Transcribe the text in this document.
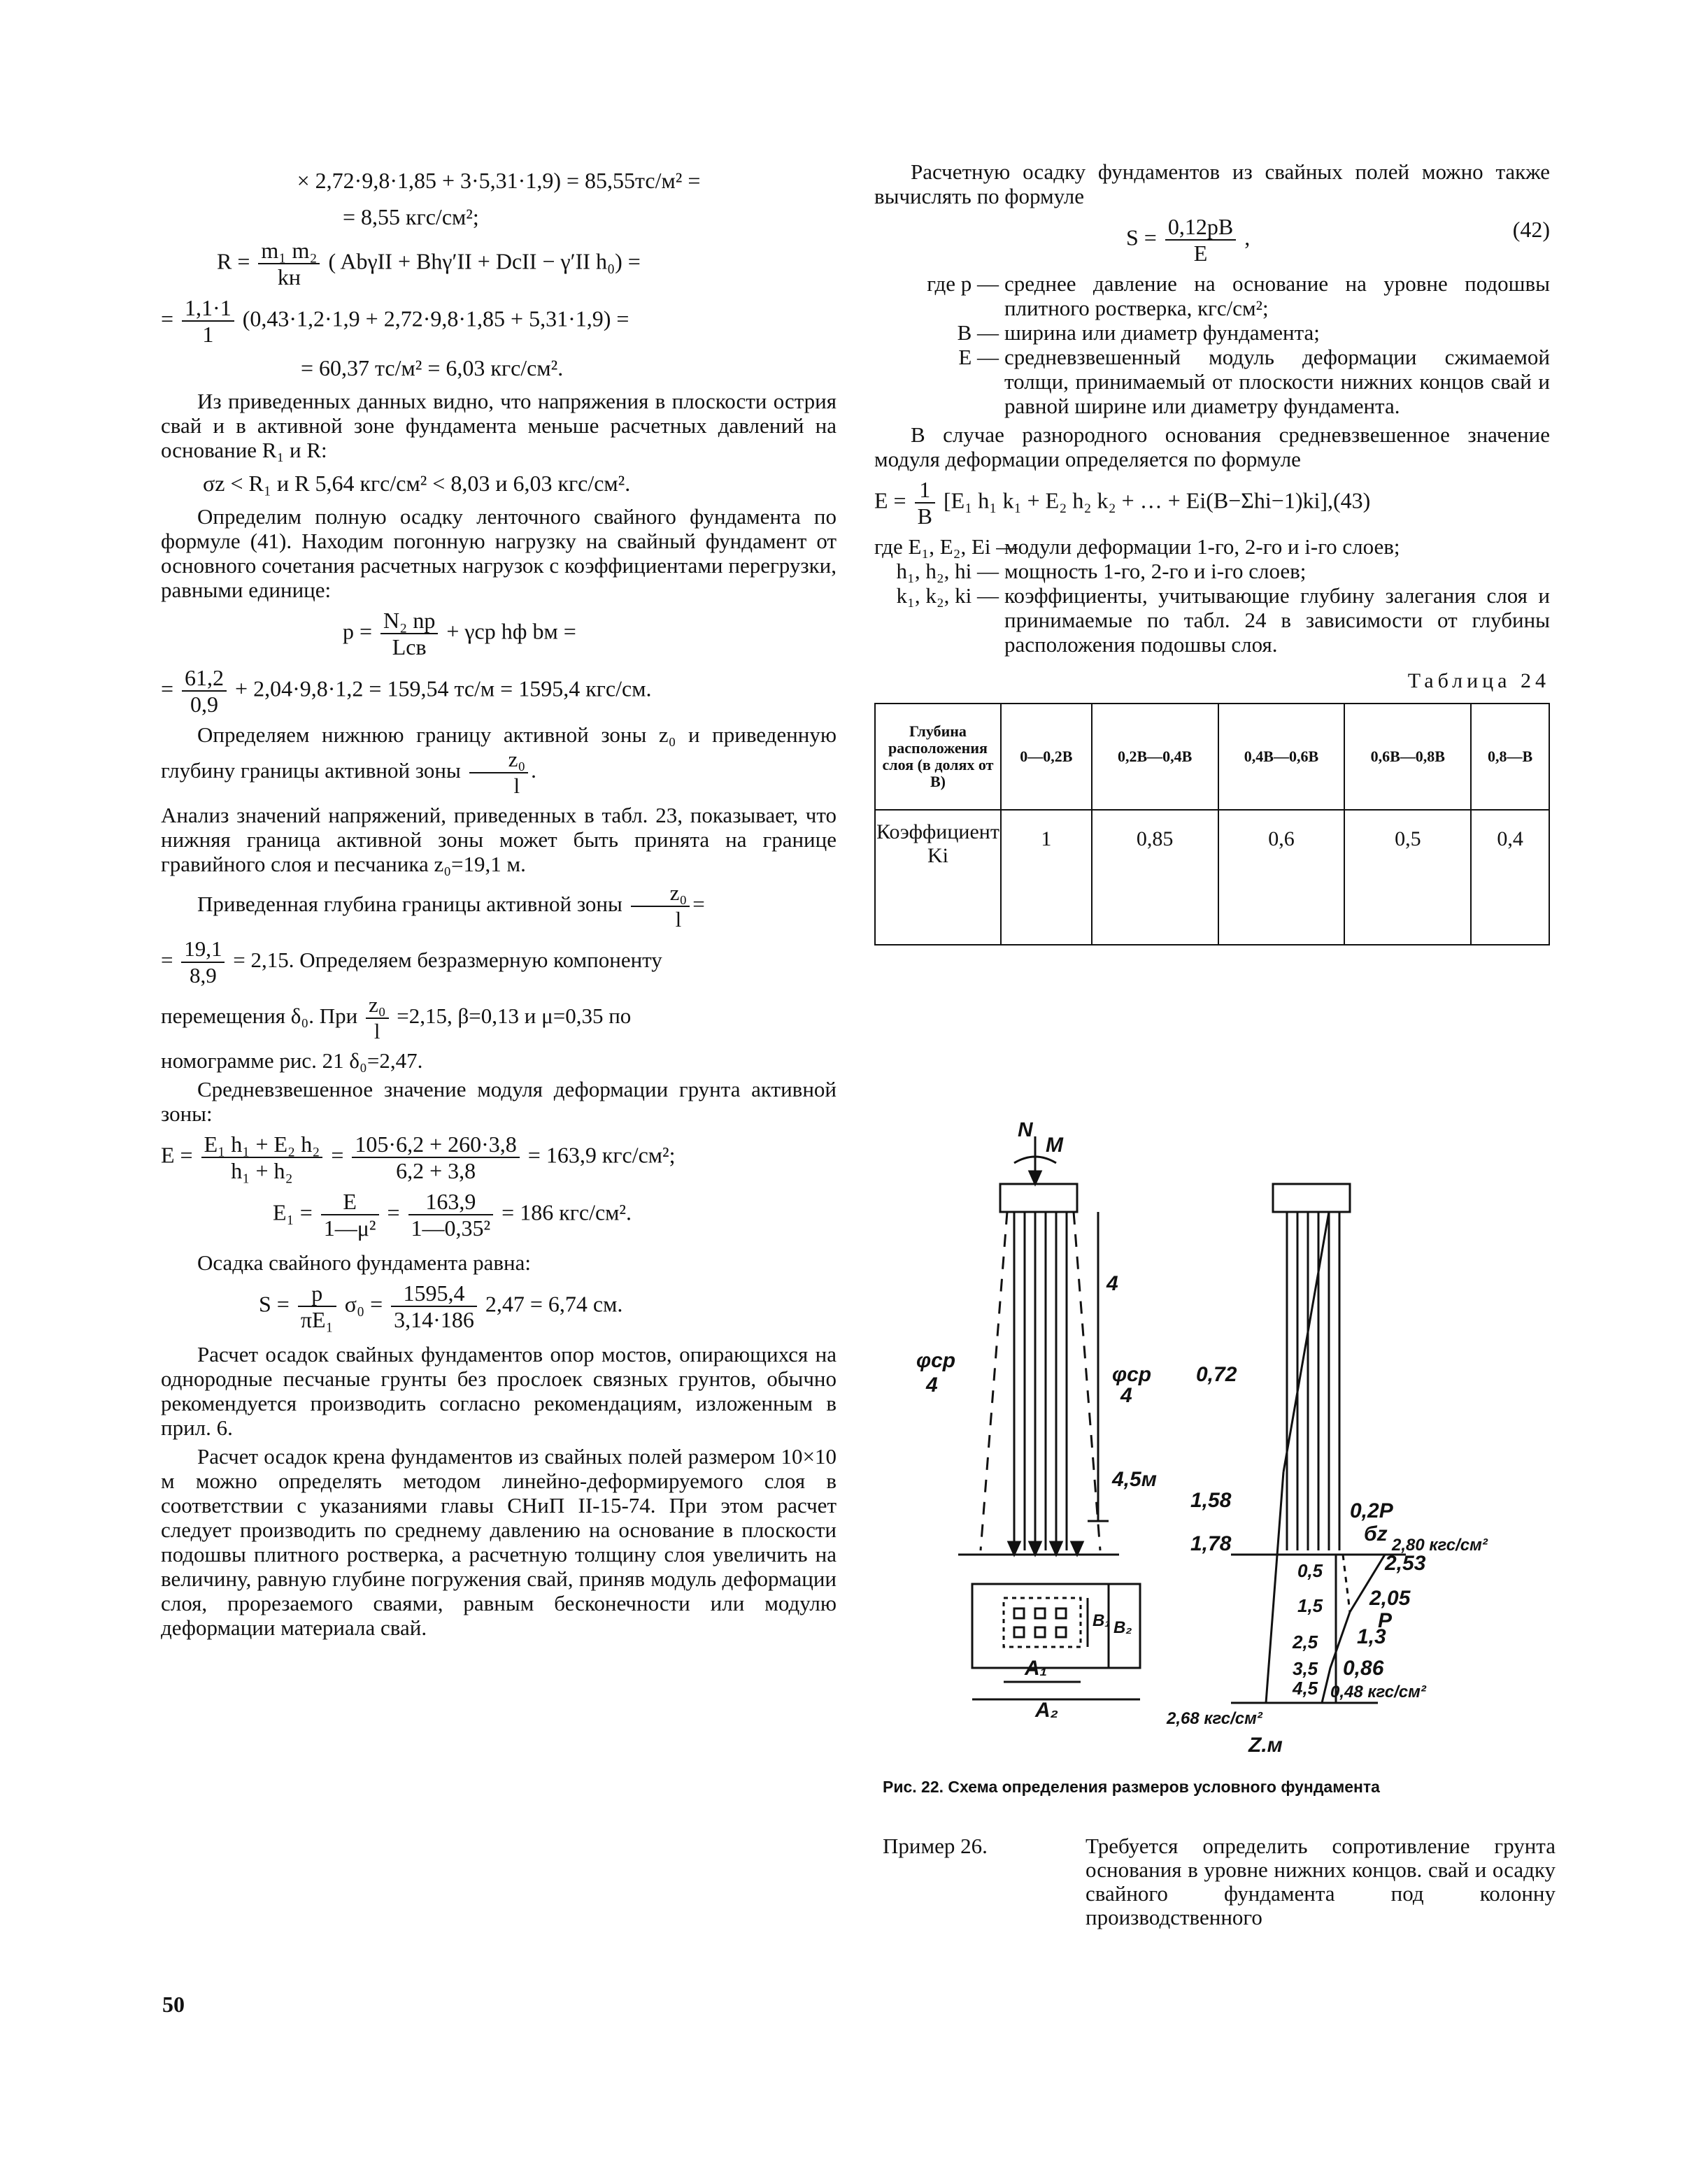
× 2,72·9,8·1,85 + 3·5,31·1,9) = 85,55тс/м² =
= 8,55 кгс/см²;
$R = \frac{\text{m₁ m₂}}{kн}$ ( AbγII + BhγʹII + DcII − γʹII h₀) =
= $\frac{1,1\cdot 1}{1} (0,43\cdot 1,2\cdot 1,9 + 2,72\cdot 9,8\cdot 1,85 + 5,31\cdot 1,9)$ =
= 60,37 тс/м² = 6,03 кгс/см².

Из приведенных данных видно, что напряжения в плоскости острия свай и в активной зоне фундамента меньше расчетных давлений на основание R₁ и R:

σz < R₁ и R 5,64 кгс/см² < 8,03 и 6,03 кгс/см².

Определим полную осадку ленточного свайного фундамента по формуле (41). Находим погонную нагрузку на свайный фундамент от основного сочетания расчетных нагрузок с коэффициентами перегрузки, равными единице:

$p = \frac{\text{N₂ nр}}{\text{Lсв}} + \gamma ср$ hф bм =
= $\frac{61,2}{0,9} + 2,04\cdot 9,8\cdot 1,2 = 159,54$ тс/м = 1595,4 кгс/см.

Определяем нижнюю границу активной зоны z₀ и приведенную глубину границы активной зоны $\frac{\text{z₀}}{l}$ .

Анализ значений напряжений, приведенных в табл. 23, показывает, что нижняя граница активной зоны может быть принята на границе гравийного слоя и песчаника z₀=19,1 м.

Приведенная глубина границы активной зоны $\frac{\text{z₀}}{l}$ =

= $\frac{19,1}{8,9} = 2,15$. Определяем безразмерную компоненту

перемещения δ₀. При $\frac{\text{z₀}}{l} =2,15$, β=0,13 и μ=0,35 по

номограмме рис. 21 δ₀=2,47.

Средневзвешенное значение модуля деформации грунта активной зоны:

$E = \frac{\text{E₁ h₁ + E₂ h₂}}{\text{h₁ + h₂}} = \frac{105\cdot 6,2 + 260\cdot 3,8}{6,2 + 3,8} = 163,9$ кгс/см²;
$E_1 = \frac{E}{\text{1—μ²}} = \frac{163,9}{\text{1—0,35²}} = 186$ кгс/см².

Осадка свайного фундамента равна:

$S = \frac{p}{\text{πE₁}} \sigma_0 = \frac{1595,4}{3,14\cdot 186} 2,47 = 6,74$ см.

Расчет осадок свайных фундаментов опор мостов, опирающихся на однородные песчаные грунты без прослоек связных грунтов, обычно рекомендуется производить согласно рекомендациям, изложенным в прил. 6.

Расчет осадок крена фундаментов из свайных полей размером 10×10 м можно определять методом линейно-деформируемого слоя в соответствии с указаниями главы СНиП II-15-74. При этом расчет следует производить по среднему давлению на основание в плоскости подошвы плитного ростверка, а расчетную толщину слоя увеличить на величину, равную глубине погружения свай, приняв модуль деформации слоя, прорезаемого сваями, равным бесконечности или модулю деформации материала свай.

Расчетную осадку фундаментов из свайных полей можно также вычислять по формуле

$S = \frac{0,12pB}{E}$ ,	(42)
где p — среднее давление на основание на уровне подошвы плитного ростверка, кгс/см²;
B — ширина или диаметр фундамента;
E — средневзвешенный модуль деформации сжимаемой толщи, принимаемый от плоскости нижних концов свай и равной ширине или диаметру фундамента.

В случае разнородного основания средневзвешенное значение модуля деформации определяется по формуле

$E = \frac{1}{B} [E_1$ h₁ k₁ + E₂ h₂ k₂ + … + Ei(B−Σhi−1)ki],(43)
где E₁, E₂, Ei —
модули деформации 1-го, 2-го и i-го слоев;
h₁, h₂, hi — мощность 1-го, 2-го и i-го слоев;
k₁, k₂, ki — коэффициенты, учитывающие глубину залегания слоя и принимаемые по табл. 24 в зависимости от глубины расположения подошвы слоя.
Таблица 24
Глубина расположения слоя (в долях от B)	0—0,2B	0,2B—0,4B	0,4B—0,6B	0,6B—0,8B	0,8—B
Коэффициент Ki	1	0,85	0,6	0,5	0,4
N
M
φср
4	φср
4
4
4,5м
0,72
1,58
1,78
0,2P
бz 2,80 кгс/см²
2,53
2,05
P
1,3
0,86
0,48 кгс/см²
2,68 кгс/см²
0,5
1,5
2,5
3,5
4,5
Z,м
A₁
A₂
B₁ B₂
Рис. 22. Схема определения размеров условного фундамента
Пример 26.	Требуется определить сопротивление грунта основания в уровне нижних концов. свай и осадку свайного фундамента под колонну производственного
50
